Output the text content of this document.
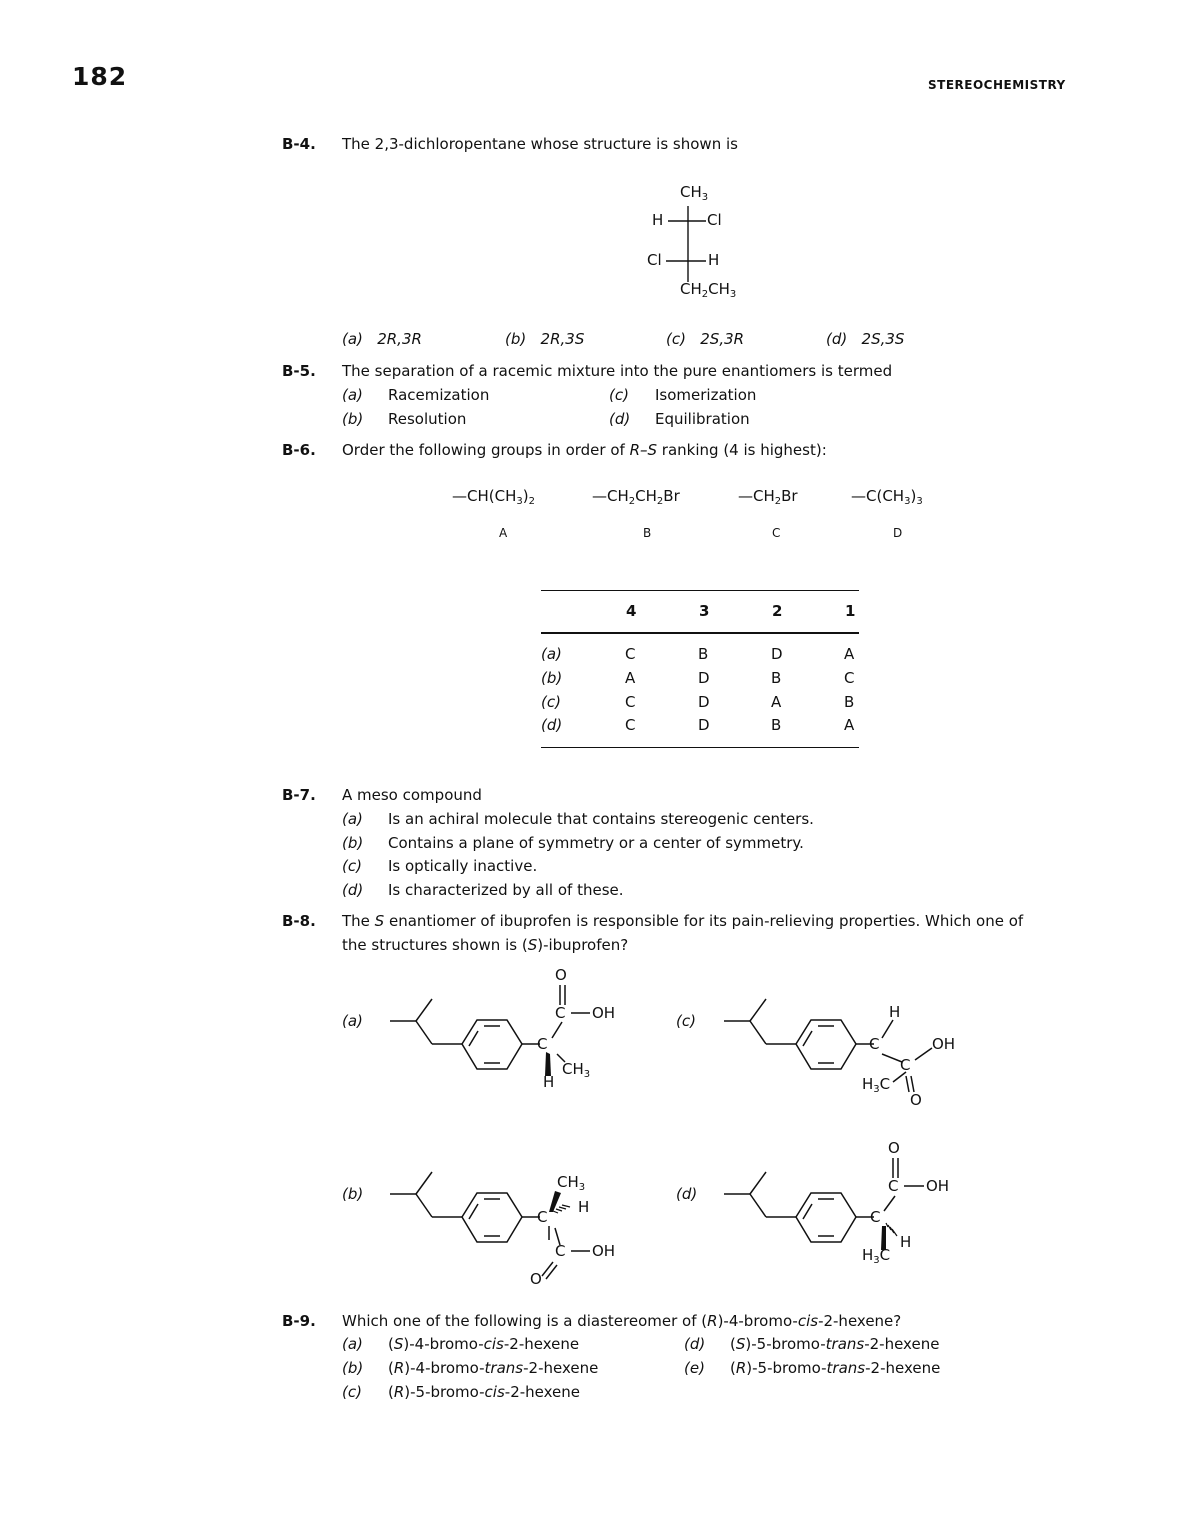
182	STEREOCHEMISTRY
B-4. The 2,3-dichloropentane whose structure is shown is
$CH_3$
H	Cl
Cl	H
$CH_2CH_3$
(a) 2R,3R	(b) 2R,3S	(c) 2S,3R	(d) 2S,3S
B-5. The separation of a racemic mixture into the pure enantiomers is termed
(a) Racemization	(c) Isomerization
(b) Resolution	(d) Equilibration
B-6. Order the following groups in order of R–S ranking (4 is highest):
$—CH(CH_3)_2$	$—CH_2CH_2Br$	$—CH_2Br$	$—C(CH_3)_3$
A	B	C	D
4	3	2	1
(a)	C	B	D	A
(b)	A	D	B	C
(c)	C	D	A	B
(d)	C	D	B	A
B-7. A meso compound
(a) Is an achiral molecule that contains stereogenic centers.
(b) Contains a plane of symmetry or a center of symmetry.
(c) Is optically inactive.
(d) Is characterized by all of these.
B-8. The S enantiomer of ibuprofen is responsible for its pain-relieving properties. Which one of
the structures shown is (S)-ibuprofen?
(a)	(c)
(b)	(d)
O
C OH
C
$CH_3$
H
H
C	OH
C
$H_3C$
O
$CH_3$
H
C
C OH
O
O
C OH
C
H
$H_3C$
B-9. Which one of the following is a diastereomer of (R)-4-bromo-cis-2-hexene?
(a) (S)-4-bromo-cis-2-hexene	(d) (S)-5-bromo-trans-2-hexene
(b) (R)-4-bromo-trans-2-hexene	(e) (R)-5-bromo-trans-2-hexene
(c) (R)-5-bromo-cis-2-hexene
